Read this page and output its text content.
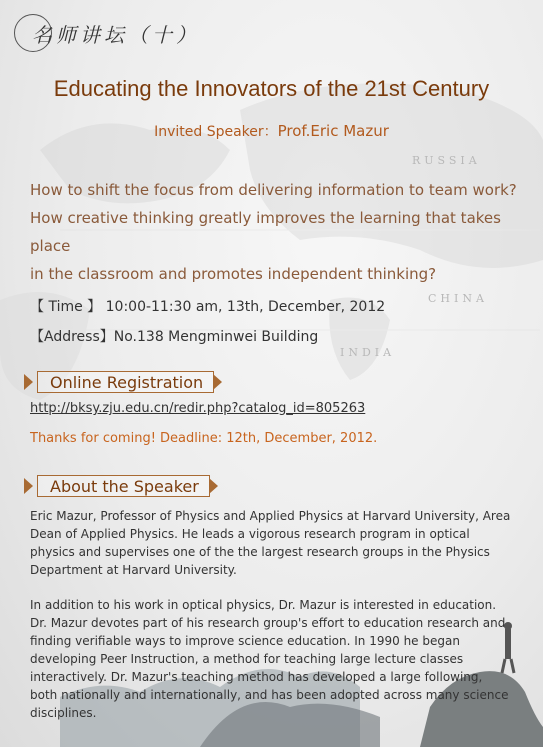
RUSSIA
CHINA
INDIA
名师讲坛（十）
Educating the Innovators of the 21st Century
Invited Speaker：Prof.Eric Mazur
How to shift the focus from delivering information to team work?
How creative thinking greatly improves the learning that takes place
in the classroom and promotes independent thinking?
【 Time 】 10:00-11:30 am, 13th, December, 2012
【Address】No.138 Mengminwei Building
Online Registration
http://bksy.zju.edu.cn/redir.php?catalog_id=805263
Thanks for coming! Deadline: 12th, December, 2012.
About the Speaker
Eric Mazur, Professor of Physics and Applied Physics at Harvard University, Area Dean of Applied Physics. He leads a vigorous research program in optical physics and supervises one of the the largest research groups in the Physics Department at Harvard University.
In addition to his work in optical physics, Dr. Mazur is interested in education. Dr. Mazur devotes part of his research group's effort to education research and finding verifiable ways to improve science education. In 1990 he began developing Peer Instruction, a method for teaching large lecture classes interactively. Dr. Mazur's teaching method has developed a large following, both nationally and internationally, and has been adopted across many science disciplines.
